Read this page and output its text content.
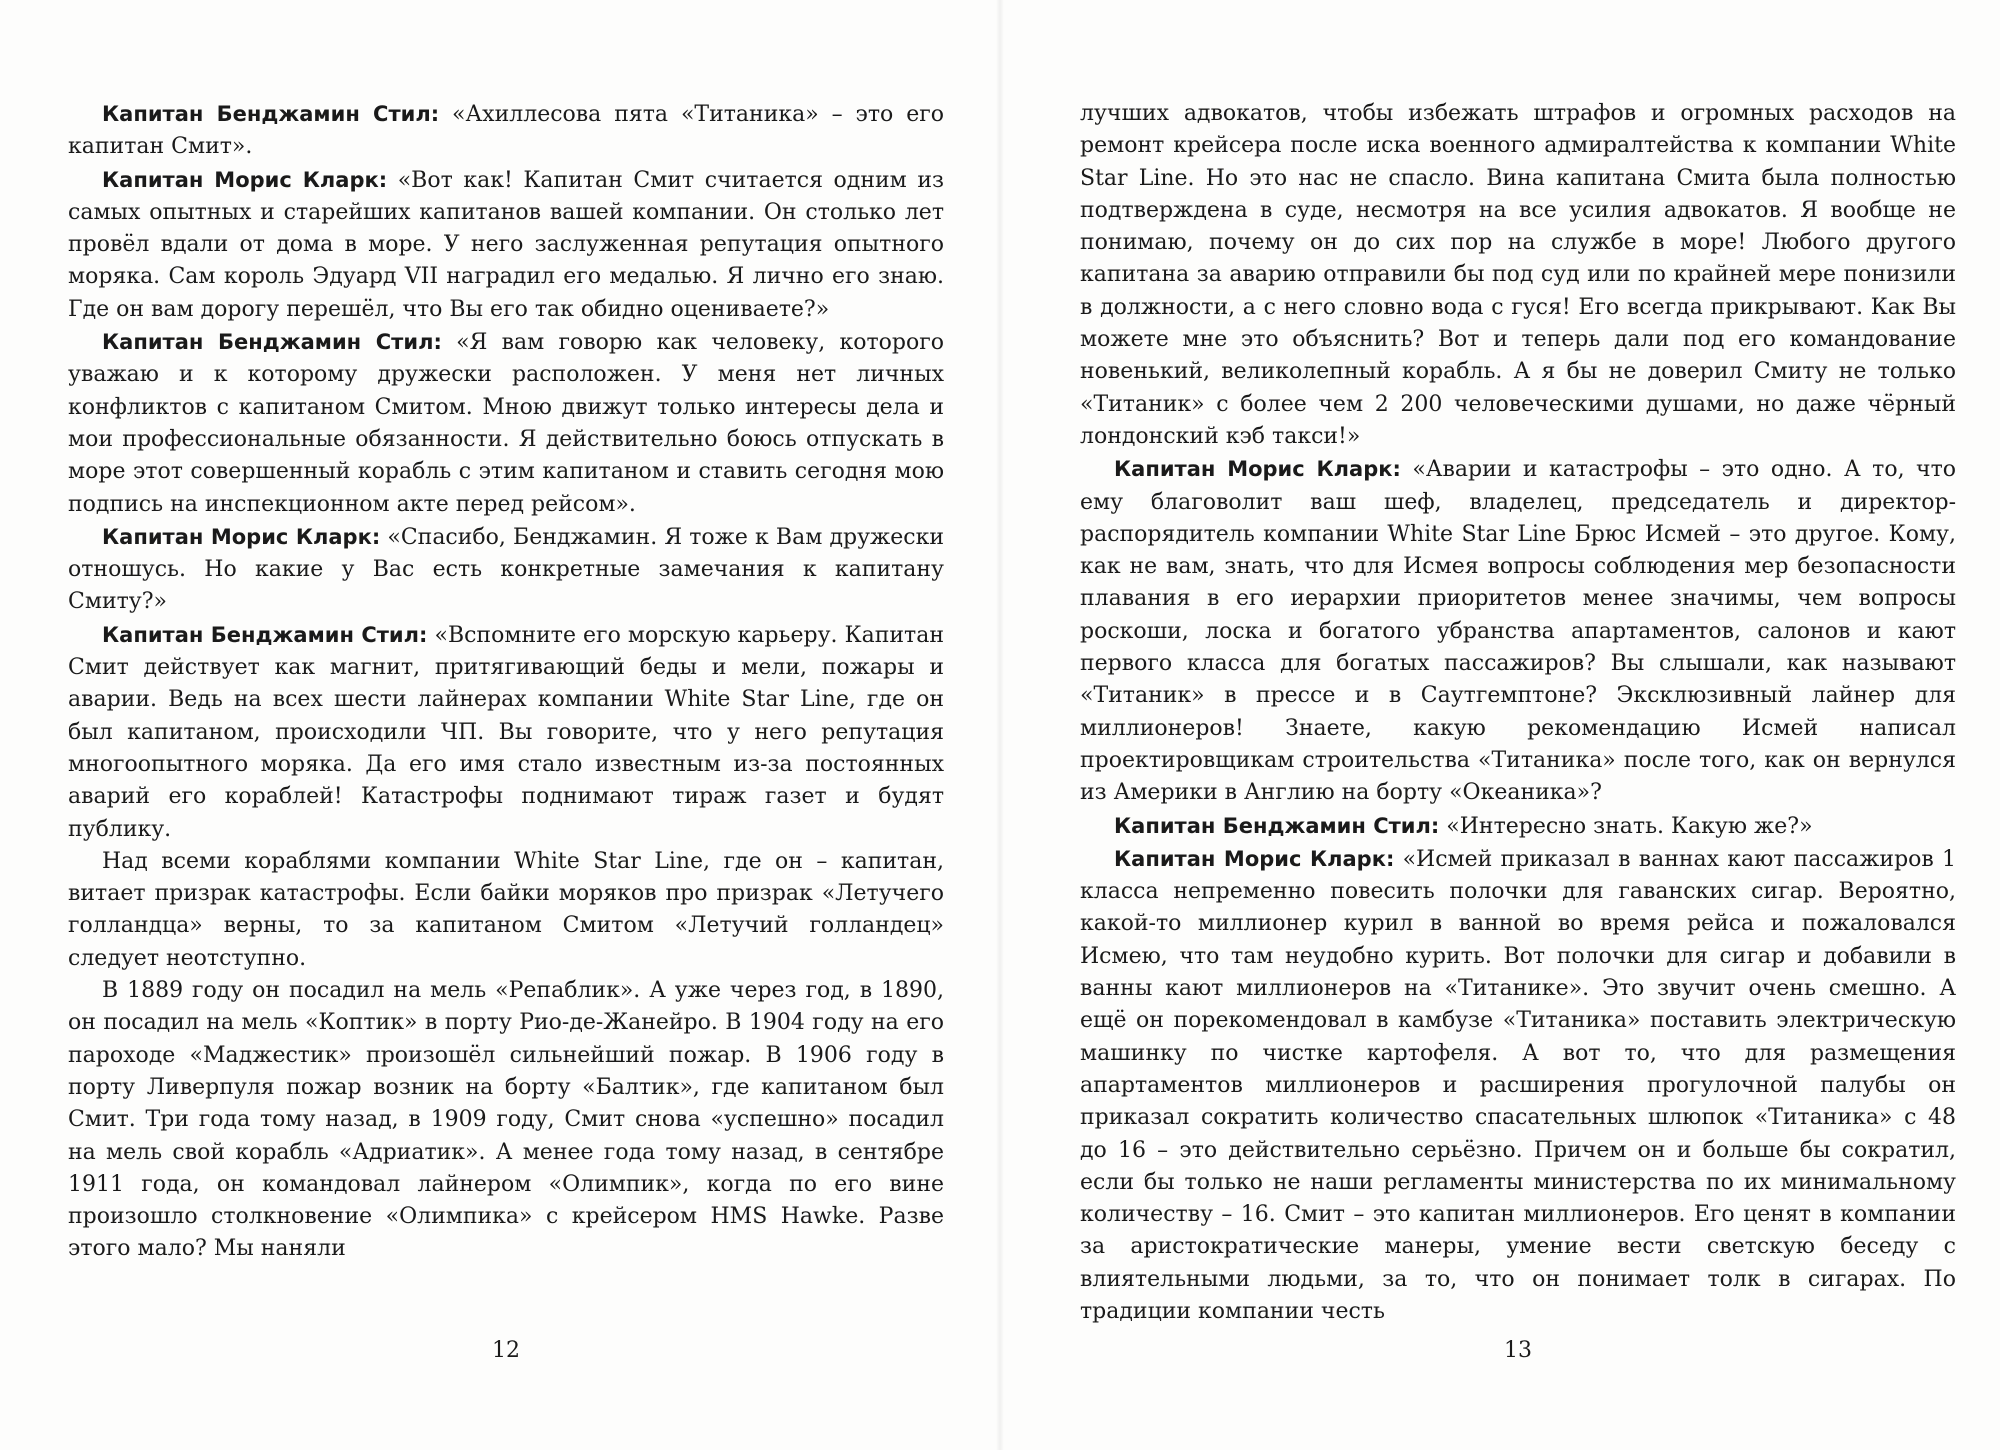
Капитан Бенджамин Стил: «Ахиллесова пята «Титаника» – это его капитан Смит».

Капитан Морис Кларк: «Вот как! Капитан Смит считается одним из самых опытных и старейших капитанов вашей компании. Он столько лет провёл вдали от дома в море. У него заслуженная репутация опытного моряка. Сам король Эдуард VII наградил его медалью. Я лично его знаю. Где он вам дорогу перешёл, что Вы его так обидно оцениваете?»

Капитан Бенджамин Стил: «Я вам говорю как человеку, которого уважаю и к которому дружески расположен. У меня нет личных конфликтов с капитаном Смитом. Мною движут только интересы дела и мои профессиональные обязанности. Я действительно боюсь отпускать в море этот совершенный корабль с этим капитаном и ставить сегодня мою подпись на инспекционном акте перед рейсом».

Капитан Морис Кларк: «Спасибо, Бенджамин. Я тоже к Вам дружески отношусь. Но какие у Вас есть конкретные замечания к капитану Смиту?»

Капитан Бенджамин Стил: «Вспомните его морскую карьеру. Капитан Смит действует как магнит, притягивающий беды и мели, пожары и аварии. Ведь на всех шести лайнерах компании White Star Line, где он был капитаном, происходили ЧП. Вы говорите, что у него репутация многоопытного моряка. Да его имя стало известным из-за постоянных аварий его кораблей! Катастрофы поднимают тираж газет и будят публику.

Над всеми кораблями компании White Star Line, где он – капитан, витает призрак катастрофы. Если байки моряков про призрак «Летучего голландца» верны, то за капитаном Смитом «Летучий голландец» следует неотступно.

В 1889 году он посадил на мель «Репаблик». А уже через год, в 1890, он посадил на мель «Коптик» в порту Рио-де-Жанейро. В 1904 году на его пароходе «Маджестик» произошёл сильнейший пожар. В 1906 году в порту Ливерпуля пожар возник на борту «Балтик», где капитаном был Смит. Три года тому назад, в 1909 году, Смит снова «успешно» посадил на мель свой корабль «Адриатик». А менее года тому назад, в сентябре 1911 года, он командовал лайнером «Олимпик», когда по его вине произошло столкновение «Олимпика» с крейсером HMS Hawke. Разве этого мало? Мы наняли

12

лучших адвокатов, чтобы избежать штрафов и огромных расходов на ремонт крейсера после иска военного адмиралтейства к компании White Star Line. Но это нас не спасло. Вина капитана Смита была полностью подтверждена в суде, несмотря на все усилия адвокатов. Я вообще не понимаю, почему он до сих пор на службе в море! Любого другого капитана за аварию отправили бы под суд или по крайней мере понизили в должности, а с него словно вода с гуся! Его всегда прикрывают. Как Вы можете мне это объяснить? Вот и теперь дали под его командование новенький, великолепный корабль. А я бы не доверил Смиту не только «Титаник» с более чем 2 200 человеческими душами, но даже чёрный лондонский кэб такси!»

Капитан Морис Кларк: «Аварии и катастрофы – это одно. А то, что ему благоволит ваш шеф, владелец, председатель и директор-распорядитель компании White Star Line Брюс Исмей – это другое. Кому, как не вам, знать, что для Исмея вопросы соблюдения мер безопасности плавания в его иерархии приоритетов менее значимы, чем вопросы роскоши, лоска и богатого убранства апартаментов, салонов и кают первого класса для богатых пассажиров? Вы слышали, как называют «Титаник» в прессе и в Саутгемптоне? Эксклюзивный лайнер для миллионеров! Знаете, какую рекомендацию Исмей написал проектировщикам строительства «Титаника» после того, как он вернулся из Америки в Англию на борту «Океаника»?

Капитан Бенджамин Стил: «Интересно знать. Какую же?»

Капитан Морис Кларк: «Исмей приказал в ваннах кают пассажиров 1 класса непременно повесить полочки для гаванских сигар. Вероятно, какой-то миллионер курил в ванной во время рейса и пожаловался Исмею, что там неудобно курить. Вот полочки для сигар и добавили в ванны кают миллионеров на «Титанике». Это звучит очень смешно. А ещё он порекомендовал в камбузе «Титаника» поставить электрическую машинку по чистке картофеля. А вот то, что для размещения апартаментов миллионеров и расширения прогулочной палубы он приказал сократить количество спасательных шлюпок «Титаника» с 48 до 16 – это действительно серьёзно. Причем он и больше бы сократил, если бы только не наши регламенты министерства по их минимальному количеству – 16. Смит – это капитан миллионеров. Его ценят в компании за аристократические манеры, умение вести светскую беседу с влиятельными людьми, за то, что он понимает толк в сигарах. По традиции компании честь

13
